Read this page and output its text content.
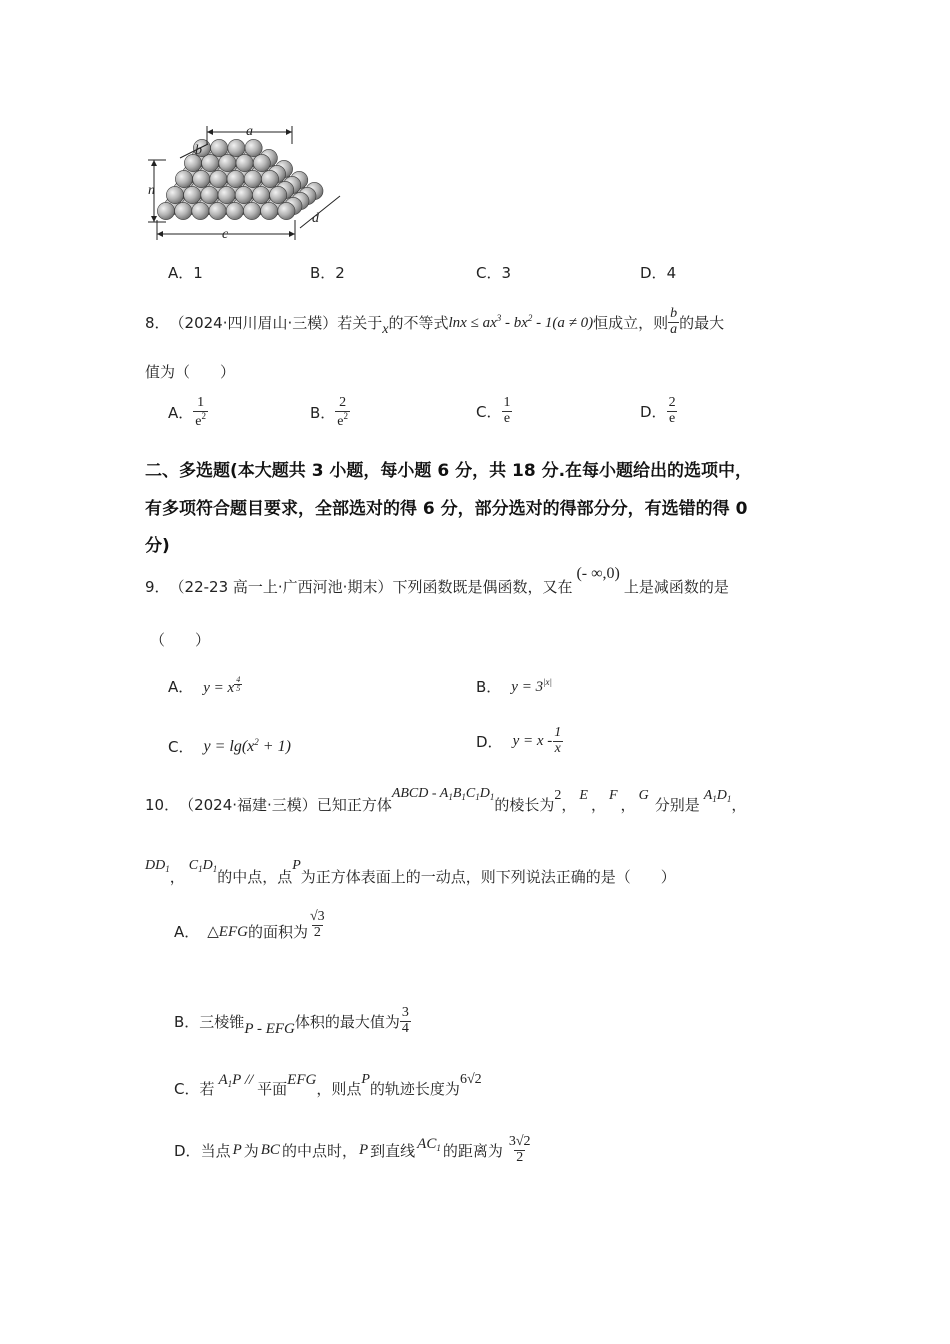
a
b
n
c
d
A．1	B．2	C．3	D．4
8． （2024·四川眉山·三模） 若关于 x 的不等式 $\ln x \le ax^3 - bx^2 - 1(a \ne 0)$ 恒成立，则 $\frac{b}{a}$ 的最大
值为（　　）
A． $\frac{1}{e^2}$	B． $\frac{2}{e^2}$	C． $\frac{1}{e}$	D． $\frac{2}{e}$
二、多选题(本大题共 3 小题，每小题 6 分，共 18 分.在每小题给出的选项中，
有多项符合题目要求，全部选对的得 6 分，部分选对的得部分分，有选错的得 0
分)
9． （22-23 高一上·广西河池·期末） 下列函数既是偶函数，又在
(- ∞,0)
上是减函数的是
（　　）
A． y = x $\frac{4}{5}$	B． $y = 3^{|x|}$
C． $y = \lg(x^2 + 1)$	D． $y = x - \frac{1}{x}$
10． （2024·福建·三模） 已知正方体
ABCD - $A_1B_1C_1D_1$ 的棱长为 2 ， E ， F ， G 分别是 $A_1D_1$ ，
$DD_1$ ，
$C_1D_1$ 的中点，点
P
为正方体表面上的一动点，则下列说法正确的是（　　）
A． △EFG 的面积为 $\frac{√3}{2}$
B． 三棱锥 P - EFG 体积的最大值为 $\frac{3}{4}$
C． 若 $A_1P$ // 平面 EFG ，则点 P 的轨迹长度为 6√2
D． 当点 P 为 BC 的中点时， P 到直线 $AC_1$ 的距离为 $\frac{3√2}{2}$
